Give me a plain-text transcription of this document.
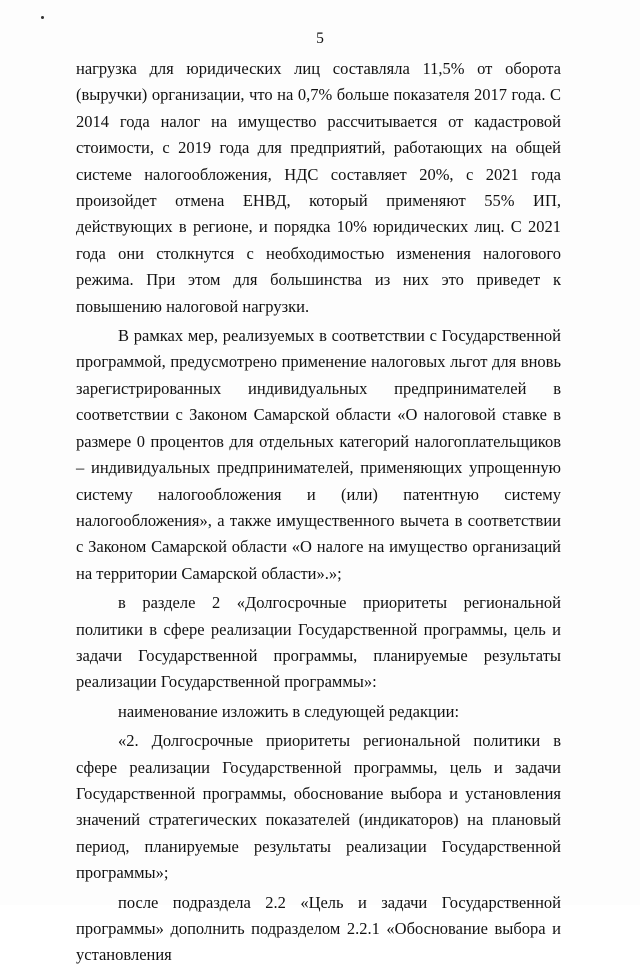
5

нагрузка для юридических лиц составляла 11,5% от оборота (выручки) организации, что на 0,7% больше показателя 2017 года. С 2014 года налог на имущество рассчитывается от кадастровой стоимости, с 2019 года для предприятий, работающих на общей системе налогообложения, НДС составляет 20%, с 2021 года произойдет отмена ЕНВД, который применяют 55% ИП, действующих в регионе, и порядка 10% юридических лиц. С 2021 года они столкнутся с необходимостью изменения налогового режима. При этом для большинства из них это приведет к повышению налоговой нагрузки.

В рамках мер, реализуемых в соответствии с Государственной программой, предусмотрено применение налоговых льгот для вновь зарегистрированных индивидуальных предпринимателей в соответствии с Законом Самарской области «О налоговой ставке в размере 0 процентов для отдельных категорий налогоплательщиков – индивидуальных предпринимателей, применяющих упрощенную систему налогообложения и (или) патентную систему налогообложения», а также имущественного вычета в соответствии с Законом Самарской области «О налоге на имущество организаций на территории Самарской области».»;

в разделе 2 «Долгосрочные приоритеты региональной политики в сфере реализации Государственной программы, цель и задачи Государственной программы, планируемые результаты реализации Государственной программы»:

наименование изложить в следующей редакции:

«2. Долгосрочные приоритеты региональной политики в сфере реализации Государственной программы, цель и задачи Государственной программы, обоснование выбора и установления значений стратегических показателей (индикаторов) на плановый период, планируемые результаты реализации Государственной программы»;

после подраздела 2.2 «Цель и задачи Государственной программы» дополнить подразделом 2.2.1 «Обоснование выбора и установления
